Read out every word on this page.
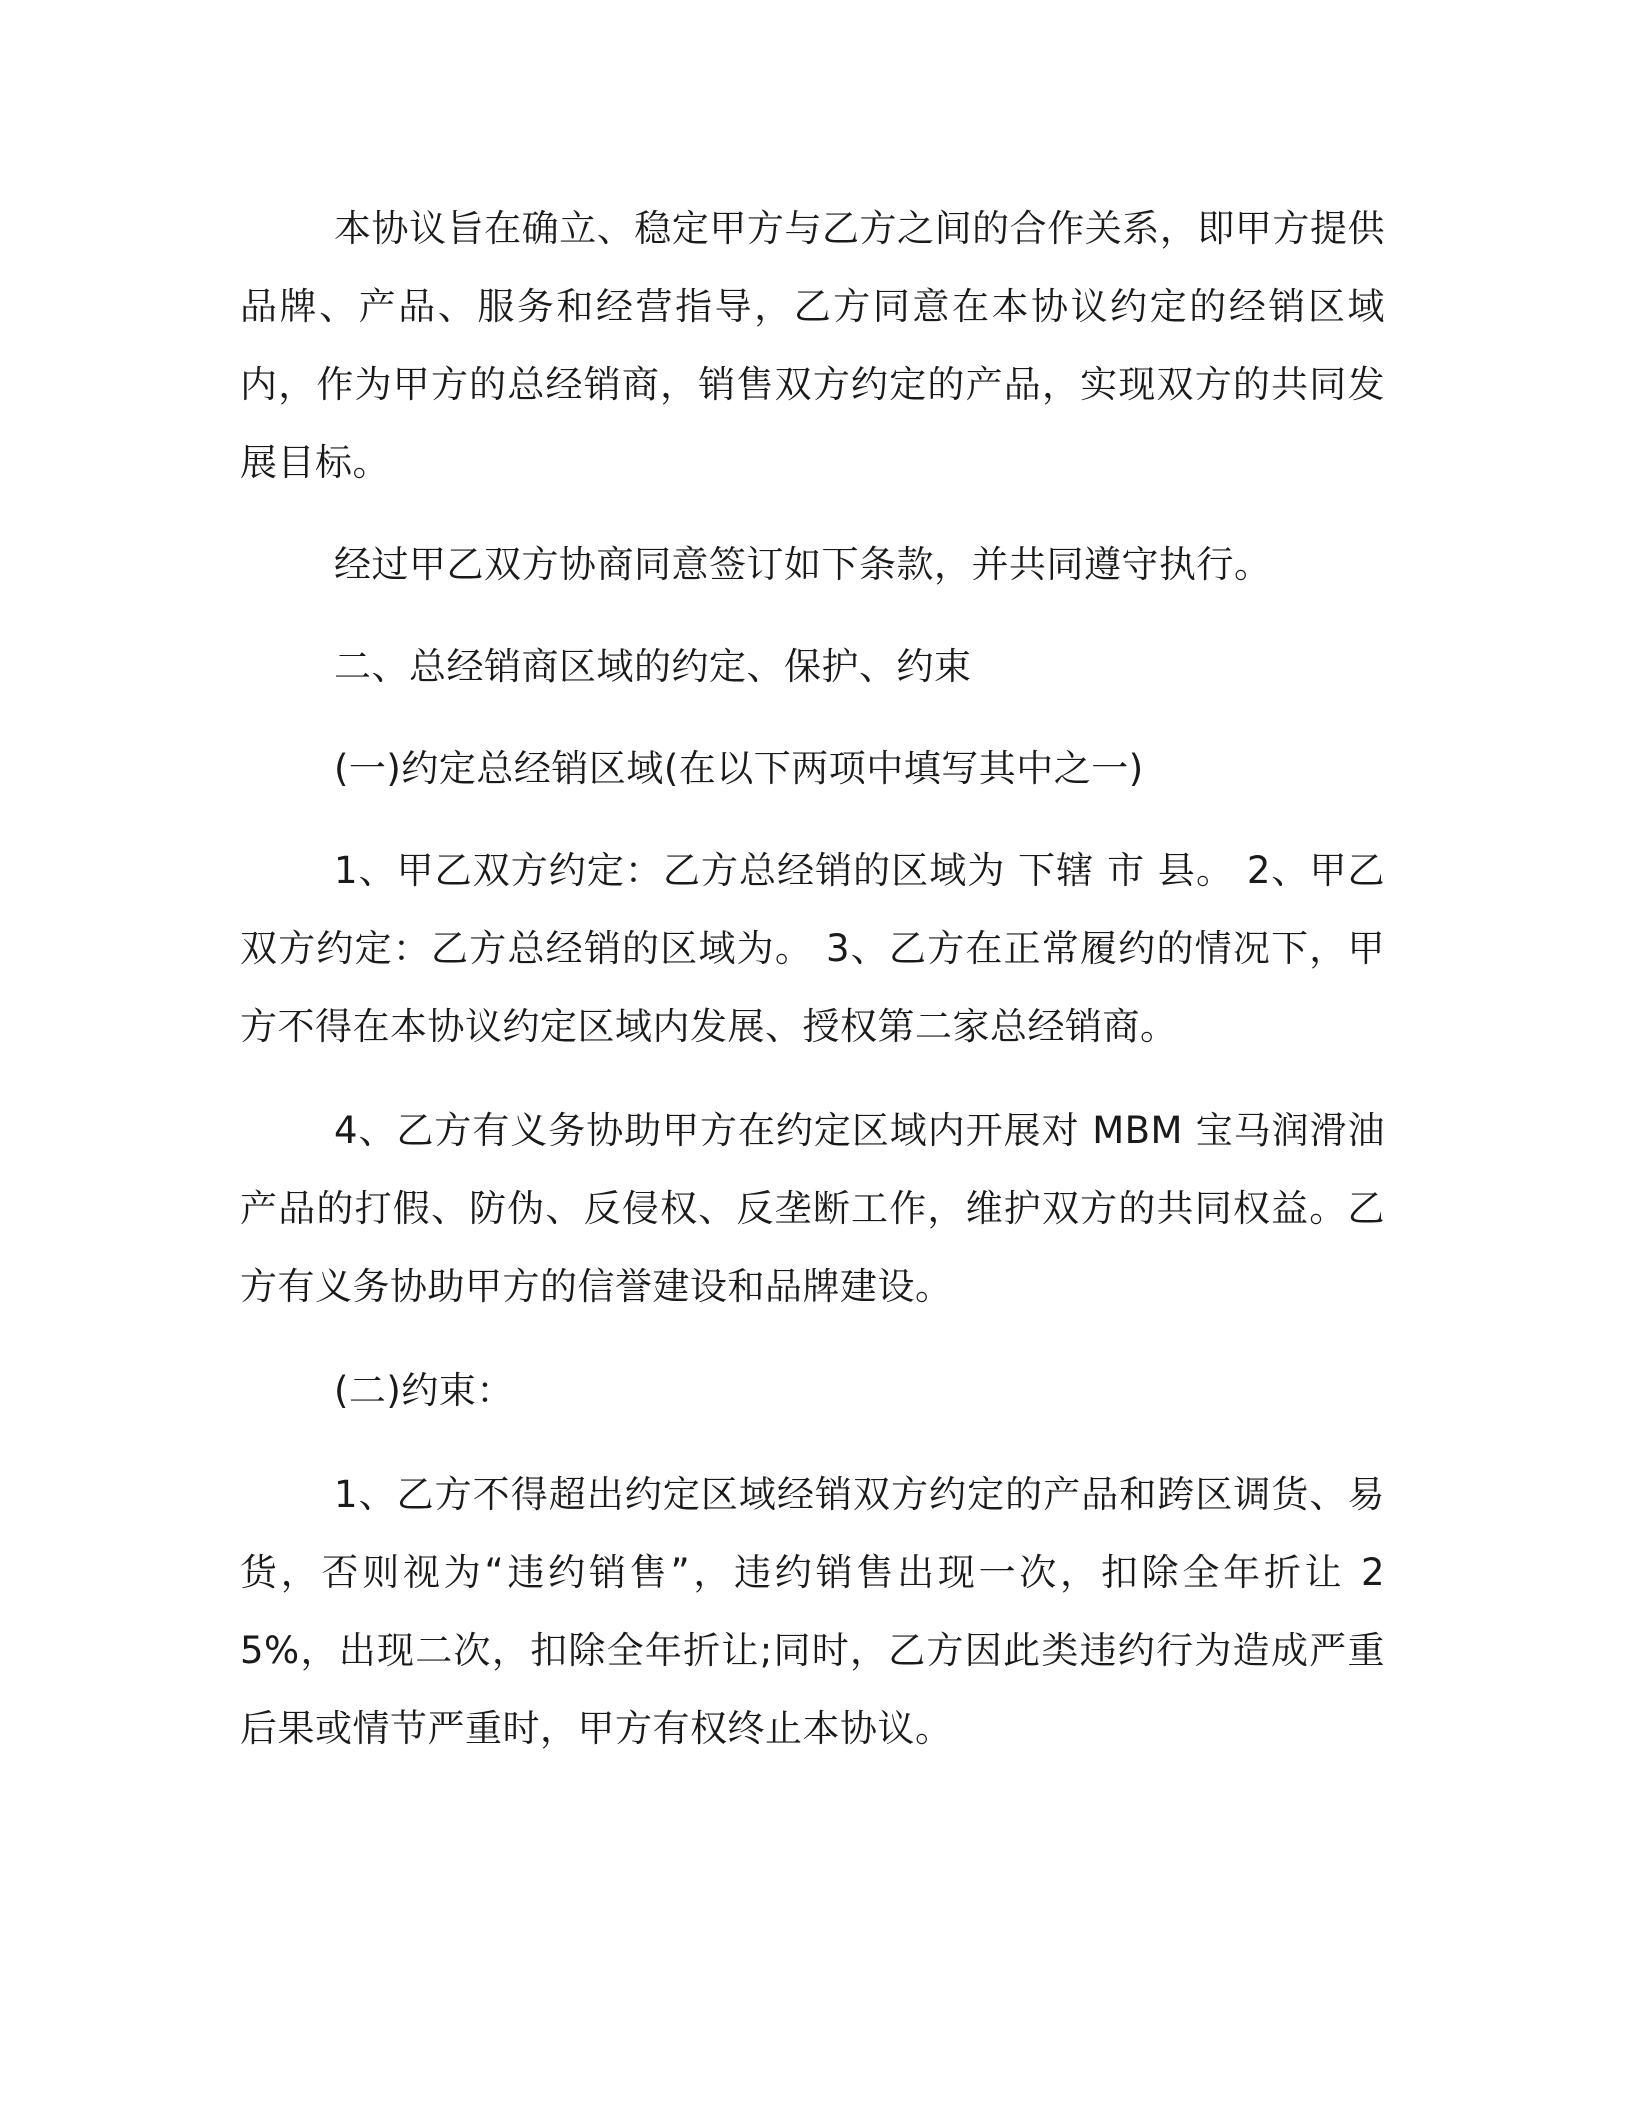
本协议旨在确立、稳定甲方与乙方之间的合作关系，即甲方提供品牌、产品、服务和经营指导，乙方同意在本协议约定的经销区域内，作为甲方的总经销商，销售双方约定的产品，实现双方的共同发展目标。

经过甲乙双方协商同意签订如下条款，并共同遵守执行。

二、总经销商区域的约定、保护、约束

(一)约定总经销区域(在以下两项中填写其中之一)

1、甲乙双方约定：乙方总经销的区域为 下辖 市 县。 2、甲乙双方约定：乙方总经销的区域为。 3、乙方在正常履约的情况下，甲方不得在本协议约定区域内发展、授权第二家总经销商。

4、乙方有义务协助甲方在约定区域内开展对 MBM 宝马润滑油产品的打假、防伪、反侵权、反垄断工作，维护双方的共同权益。乙方有义务协助甲方的信誉建设和品牌建设。

(二)约束：

1、乙方不得超出约定区域经销双方约定的产品和跨区调货、易货，否则视为“违约销售”，违约销售出现一次，扣除全年折让 25%，出现二次，扣除全年折让;同时，乙方因此类违约行为造成严重后果或情节严重时，甲方有权终止本协议。
